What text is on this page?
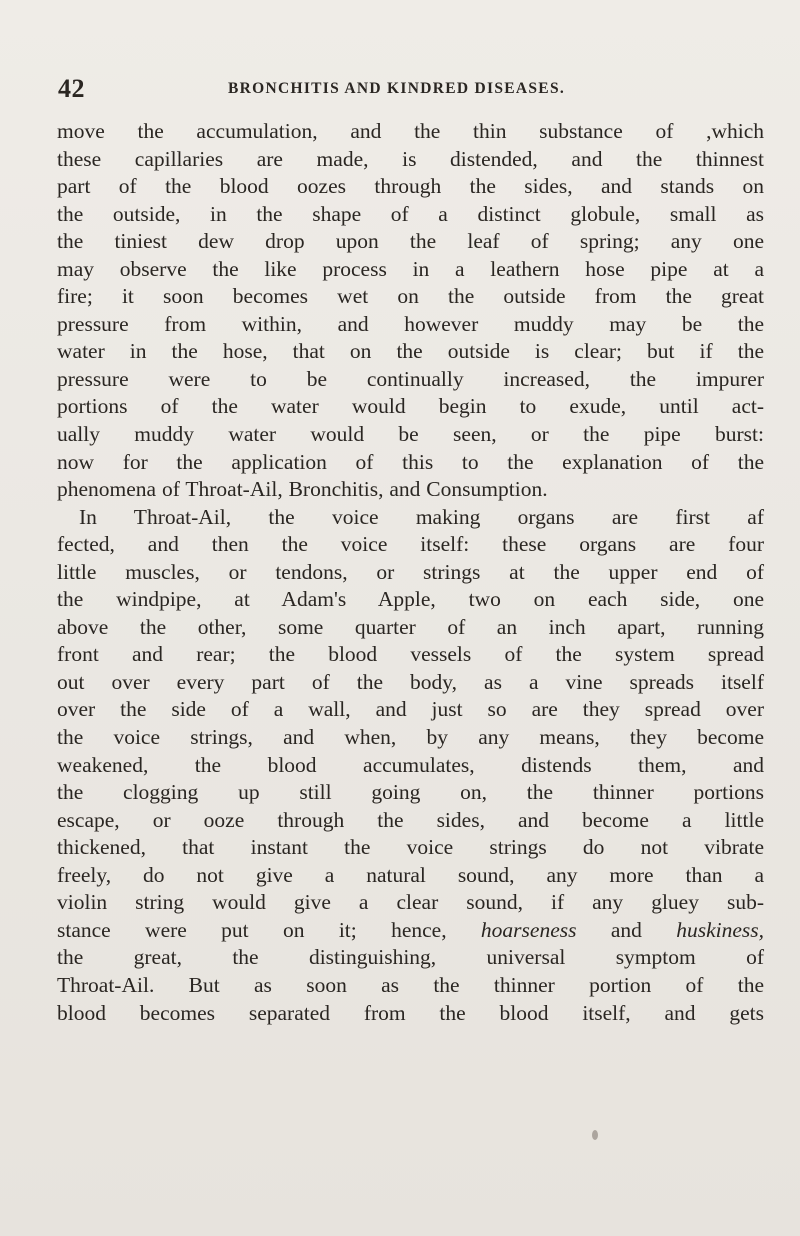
42	BRONCHITIS AND KINDRED DISEASES.
move the accumulation, and the thin substance of ,which
these capillaries are made, is distended, and the thinnest
part of the blood oozes through the sides, and stands on
the outside, in the shape of a distinct globule, small as
the tiniest dew drop upon the leaf of spring; any one
may observe the like process in a leathern hose pipe at a
fire; it soon becomes wet on the outside from the great
pressure from within, and however muddy may be the
water in the hose, that on the outside is clear; but if the
pressure were to be continually increased, the impurer
portions of the water would begin to exude, until act-
ually muddy water would be seen, or the pipe burst:
now for the application of this to the explanation of the
phenomena of Throat-Ail, Bronchitis, and Consumption.
In Throat-Ail, the voice making organs are first af
fected, and then the voice itself: these organs are four
little muscles, or tendons, or strings at the upper end of
the windpipe, at Adam's Apple, two on each side, one
above the other, some quarter of an inch apart, running
front and rear; the blood vessels of the system spread
out over every part of the body, as a vine spreads itself
over the side of a wall, and just so are they spread over
the voice strings, and when, by any means, they become
weakened, the blood accumulates, distends them, and
the clogging up still going on, the thinner portions
escape, or ooze through the sides, and become a little
thickened, that instant the voice strings do not vibrate
freely, do not give a natural sound, any more than a
violin string would give a clear sound, if any gluey sub-
stance were put on it; hence, hoarseness and huskiness,
the great, the distinguishing, universal symptom of
Throat-Ail. But as soon as the thinner portion of the
blood becomes separated from the blood itself, and gets
